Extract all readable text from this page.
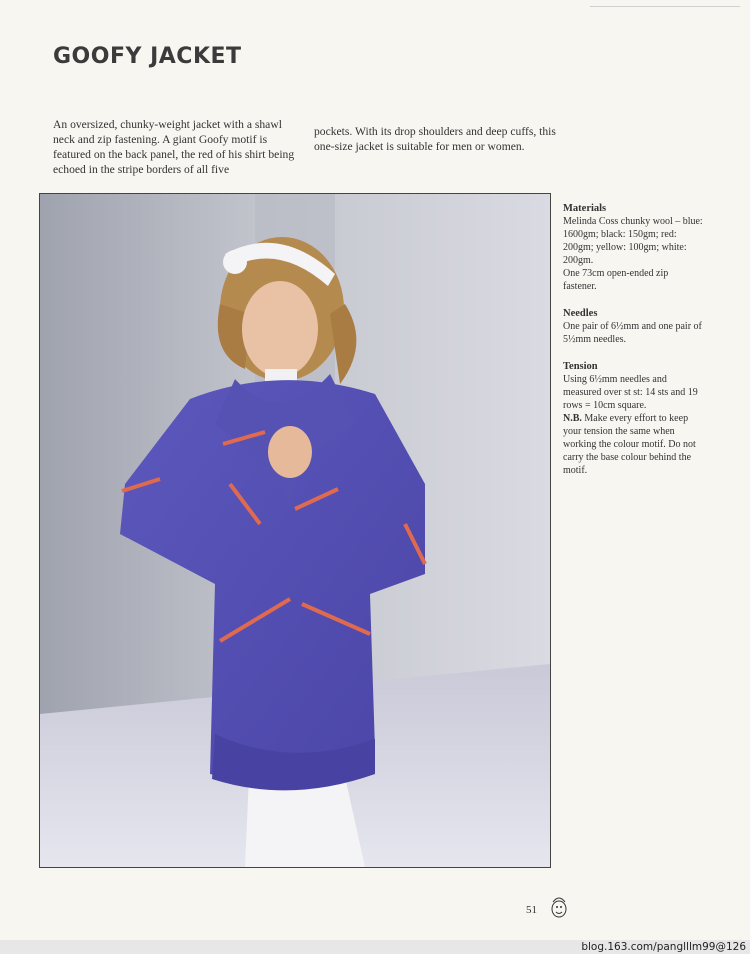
GOOFY JACKET
An oversized, chunky-weight jacket with a shawl neck and zip fastening. A giant Goofy motif is featured on the back panel, the red of his shirt being echoed in the stripe borders of all five
pockets. With its drop shoulders and deep cuffs, this one-size jacket is suitable for men or women.
Materials
Melinda Coss chunky wool – blue: 1600gm; black: 150gm; red: 200gm; yellow: 100gm; white: 200gm.
One 73cm open-ended zip fastener.
Needles
One pair of 6½mm and one pair of 5½mm needles.
Tension
Using 6½mm needles and measured over st st: 14 sts and 19 rows = 10cm square.
N.B. Make every effort to keep your tension the same when working the colour motif. Do not carry the base colour behind the motif.
51
blog.163.com/panglllm99@126
